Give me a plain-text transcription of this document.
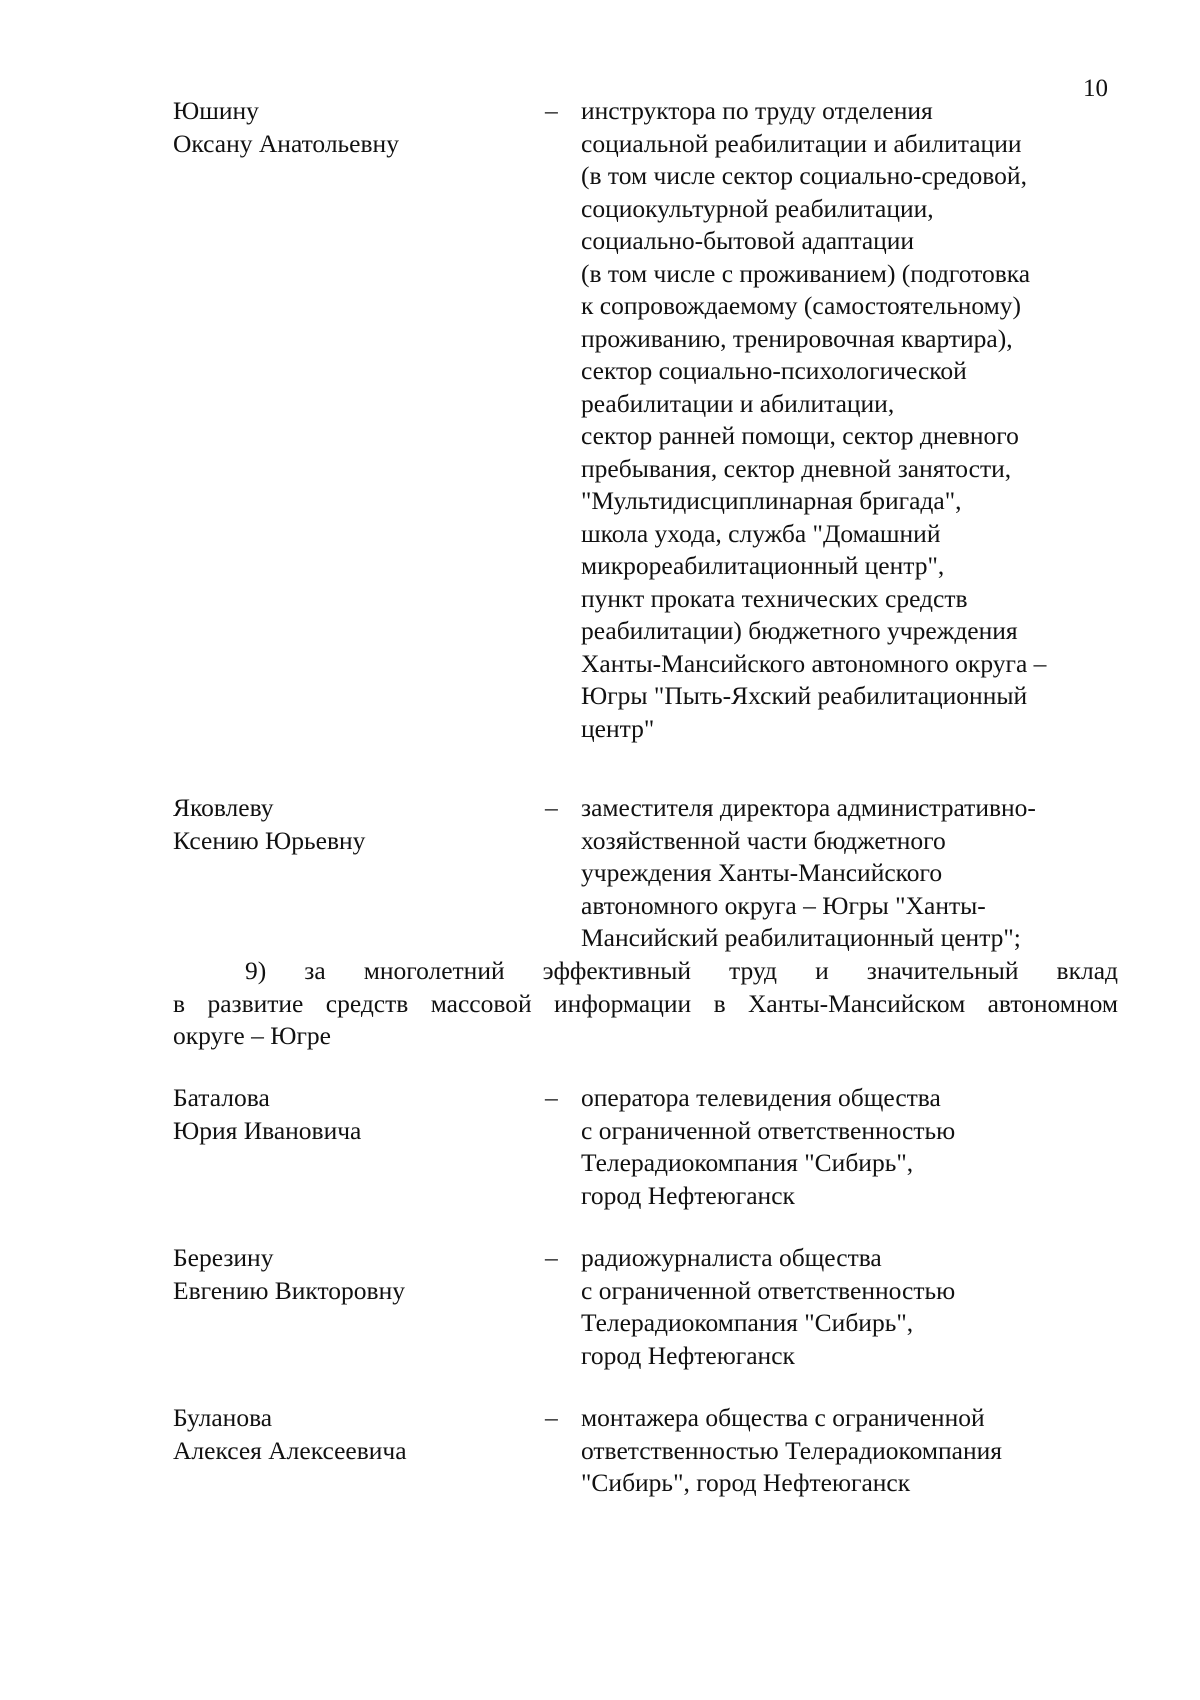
10
Юшину
Оксану Анатольевну
– инструктора по труду отделения
социальной реабилитации и абилитации
(в том числе сектор социально-средовой,
социокультурной реабилитации,
социально-бытовой адаптации
(в том числе с проживанием) (подготовка
к сопровождаемому (самостоятельному)
проживанию, тренировочная квартира),
сектор социально-психологической
реабилитации и абилитации,
сектор ранней помощи, сектор дневного
пребывания, сектор дневной занятости,
"Мультидисциплинарная бригада",
школа ухода, служба "Домашний
микрореабилитационный центр",
пункт проката технических средств
реабилитации) бюджетного учреждения
Ханты-Мансийского автономного округа –
Югры "Пыть-Яхский реабилитационный
центр"
Яковлеву
Ксению Юрьевну
– заместителя директора административно-
хозяйственной части бюджетного
учреждения Ханты-Мансийского
автономного округа – Югры "Ханты-
Мансийский реабилитационный центр";
9) за многолетний эффективный труд и значительный вклад
в развитие средств массовой информации в Ханты-Мансийском автономном
округе – Югре
Баталова
Юрия Ивановича
– оператора телевидения общества
с ограниченной ответственностью
Телерадиокомпания "Сибирь",
город Нефтеюганск
Березину
Евгению Викторовну
– радиожурналиста общества
с ограниченной ответственностью
Телерадиокомпания "Сибирь",
город Нефтеюганск
Буланова
Алексея Алексеевича
– монтажера общества с ограниченной
ответственностью Телерадиокомпания
"Сибирь", город Нефтеюганск
